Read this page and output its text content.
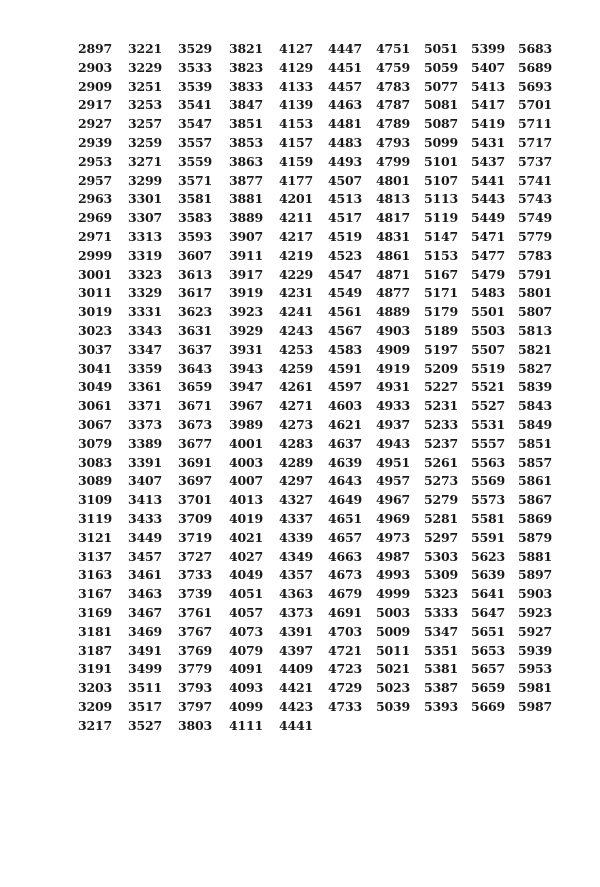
2897
2903
2909
2917
2927
2939
2953
2957
2963
2969
2971
2999
3001
3011
3019
3023
3037
3041
3049
3061
3067
3079
3083
3089
3109
3119
3121
3137
3163
3167
3169
3181
3187
3191
3203
3209
3217
3221
3229
3251
3253
3257
3259
3271
3299
3301
3307
3313
3319
3323
3329
3331
3343
3347
3359
3361
3371
3373
3389
3391
3407
3413
3433
3449
3457
3461
3463
3467
3469
3491
3499
3511
3517
3527
3529
3533
3539
3541
3547
3557
3559
3571
3581
3583
3593
3607
3613
3617
3623
3631
3637
3643
3659
3671
3673
3677
3691
3697
3701
3709
3719
3727
3733
3739
3761
3767
3769
3779
3793
3797
3803
3821
3823
3833
3847
3851
3853
3863
3877
3881
3889
3907
3911
3917
3919
3923
3929
3931
3943
3947
3967
3989
4001
4003
4007
4013
4019
4021
4027
4049
4051
4057
4073
4079
4091
4093
4099
4111
4127
4129
4133
4139
4153
4157
4159
4177
4201
4211
4217
4219
4229
4231
4241
4243
4253
4259
4261
4271
4273
4283
4289
4297
4327
4337
4339
4349
4357
4363
4373
4391
4397
4409
4421
4423
4441
4447
4451
4457
4463
4481
4483
4493
4507
4513
4517
4519
4523
4547
4549
4561
4567
4583
4591
4597
4603
4621
4637
4639
4643
4649
4651
4657
4663
4673
4679
4691
4703
4721
4723
4729
4733
4751
4759
4783
4787
4789
4793
4799
4801
4813
4817
4831
4861
4871
4877
4889
4903
4909
4919
4931
4933
4937
4943
4951
4957
4967
4969
4973
4987
4993
4999
5003
5009
5011
5021
5023
5039
5051
5059
5077
5081
5087
5099
5101
5107
5113
5119
5147
5153
5167
5171
5179
5189
5197
5209
5227
5231
5233
5237
5261
5273
5279
5281
5297
5303
5309
5323
5333
5347
5351
5381
5387
5393
5399
5407
5413
5417
5419
5431
5437
5441
5443
5449
5471
5477
5479
5483
5501
5503
5507
5519
5521
5527
5531
5557
5563
5569
5573
5581
5591
5623
5639
5641
5647
5651
5653
5657
5659
5669
5683
5689
5693
5701
5711
5717
5737
5741
5743
5749
5779
5783
5791
5801
5807
5813
5821
5827
5839
5843
5849
5851
5857
5861
5867
5869
5879
5881
5897
5903
5923
5927
5939
5953
5981
5987
